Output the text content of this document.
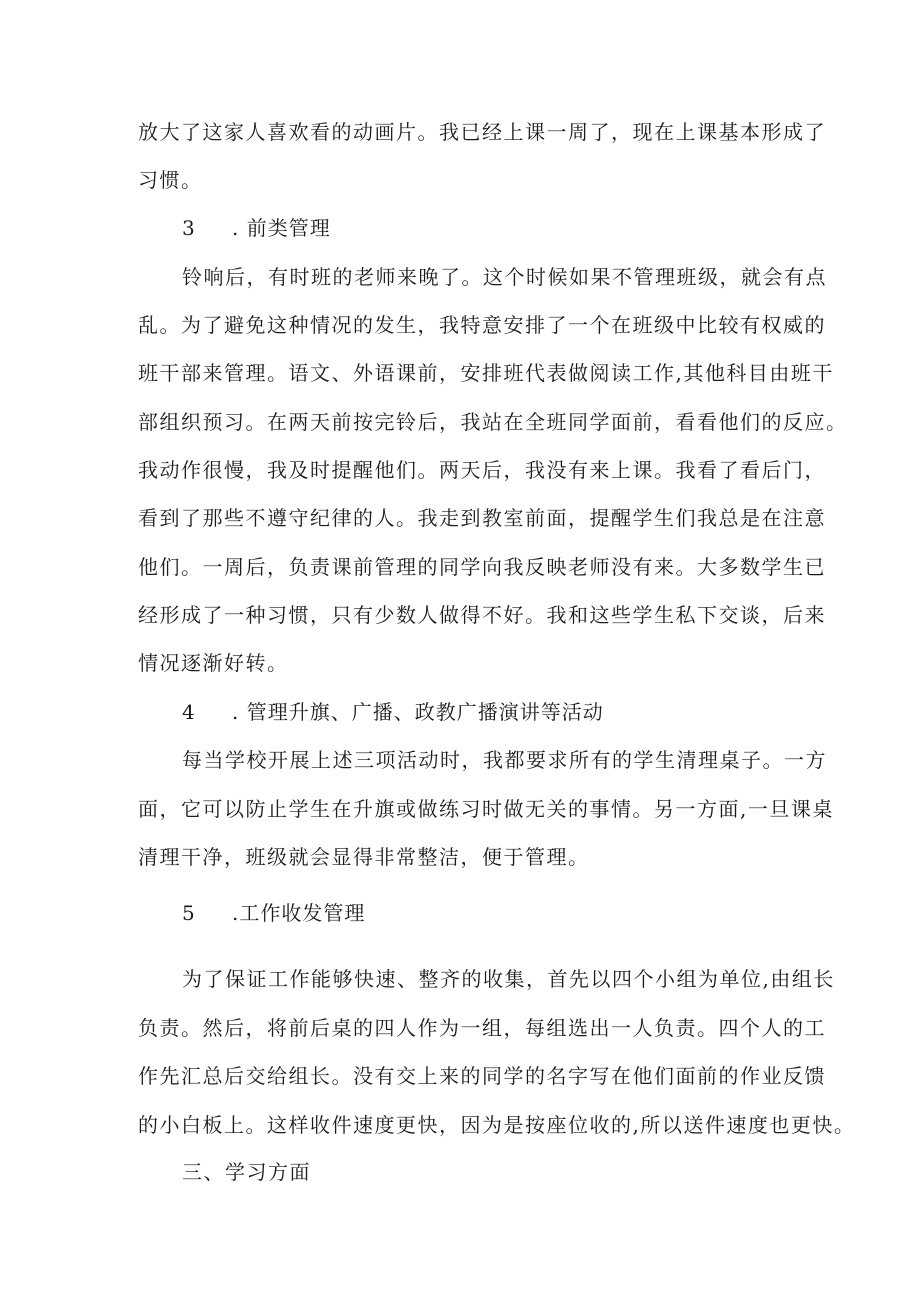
放大了这家人喜欢看的动画片。我已经上课一周了，现在上课基本形成了
习惯。
3 . 前类管理
铃响后，有时班的老师来晚了。这个时候如果不管理班级，就会有点
乱。为了避免这种情况的发生，我特意安排了一个在班级中比较有权威的
班干部来管理。语文、外语课前，安排班代表做阅读工作,其他科目由班干
部组织预习。在两天前按完铃后，我站在全班同学面前，看看他们的反应。
我动作很慢，我及时提醒他们。两天后，我没有来上课。我看了看后门，
看到了那些不遵守纪律的人。我走到教室前面，提醒学生们我总是在注意
他们。一周后，负责课前管理的同学向我反映老师没有来。大多数学生已
经形成了一种习惯，只有少数人做得不好。我和这些学生私下交谈，后来
情况逐渐好转。
4 . 管理升旗、广播、政教广播演讲等活动
每当学校开展上述三项活动时，我都要求所有的学生清理桌子。一方
面，它可以防止学生在升旗或做练习时做无关的事情。另一方面,一旦课桌
清理干净，班级就会显得非常整洁，便于管理。
5 .工作收发管理
为了保证工作能够快速、整齐的收集，首先以四个小组为单位,由组长
负责。然后，将前后桌的四人作为一组，每组选出一人负责。四个人的工
作先汇总后交给组长。没有交上来的同学的名字写在他们面前的作业反馈
的小白板上。这样收件速度更快，因为是按座位收的,所以送件速度也更快。
三、学习方面
